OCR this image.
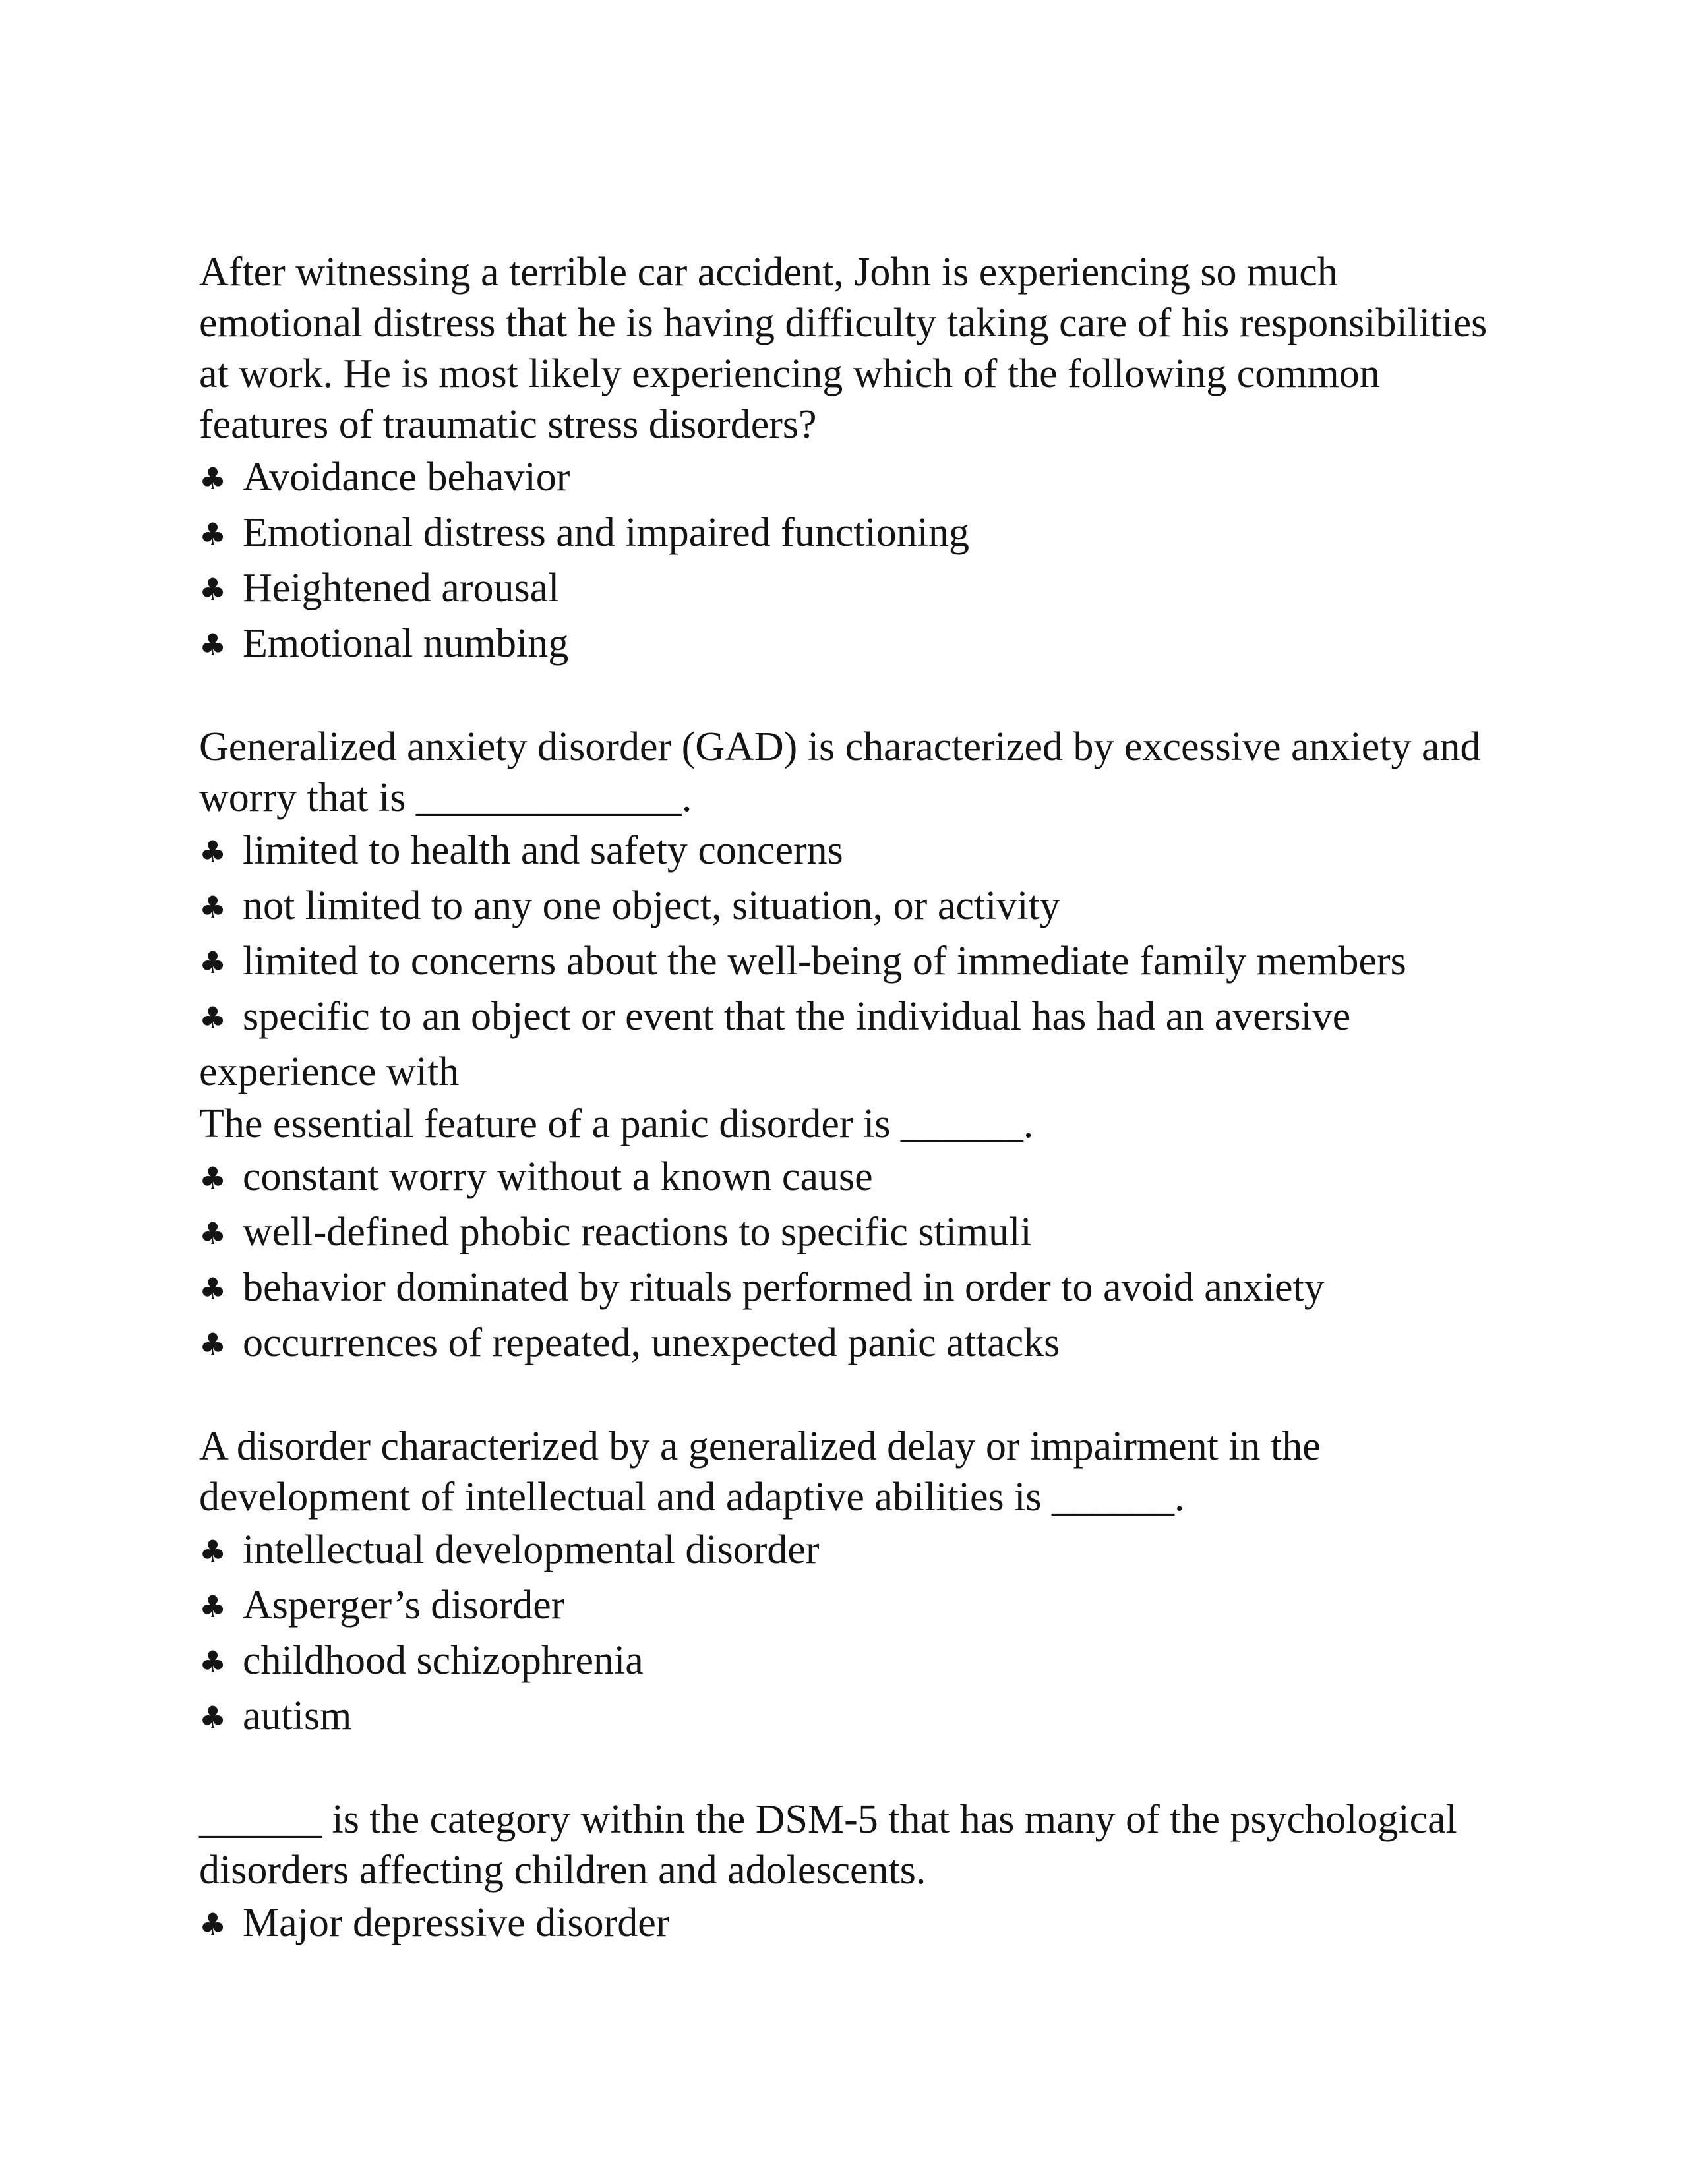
After witnessing a terrible car accident, John is experiencing so much emotional distress that he is having difficulty taking care of his responsibilities at work. He is most likely experiencing which of the following common features of traumatic stress disorders?

♣ Avoidance behavior
♣ Emotional distress and impaired functioning
♣ Heightened arousal
♣ Emotional numbing

Generalized anxiety disorder (GAD) is characterized by excessive anxiety and worry that is _____________.

♣ limited to health and safety concerns
♣ not limited to any one object, situation, or activity
♣ limited to concerns about the well-being of immediate family members
♣ specific to an object or event that the individual has had an aversive experience with

The essential feature of a panic disorder is ______.

♣ constant worry without a known cause
♣ well-defined phobic reactions to specific stimuli
♣ behavior dominated by rituals performed in order to avoid anxiety
♣ occurrences of repeated, unexpected panic attacks

A disorder characterized by a generalized delay or impairment in the development of intellectual and adaptive abilities is ______.

♣ intellectual developmental disorder
♣ Asperger’s disorder
♣ childhood schizophrenia
♣ autism

______ is the category within the DSM-5 that has many of the psychological disorders affecting children and adolescents.

♣ Major depressive disorder
